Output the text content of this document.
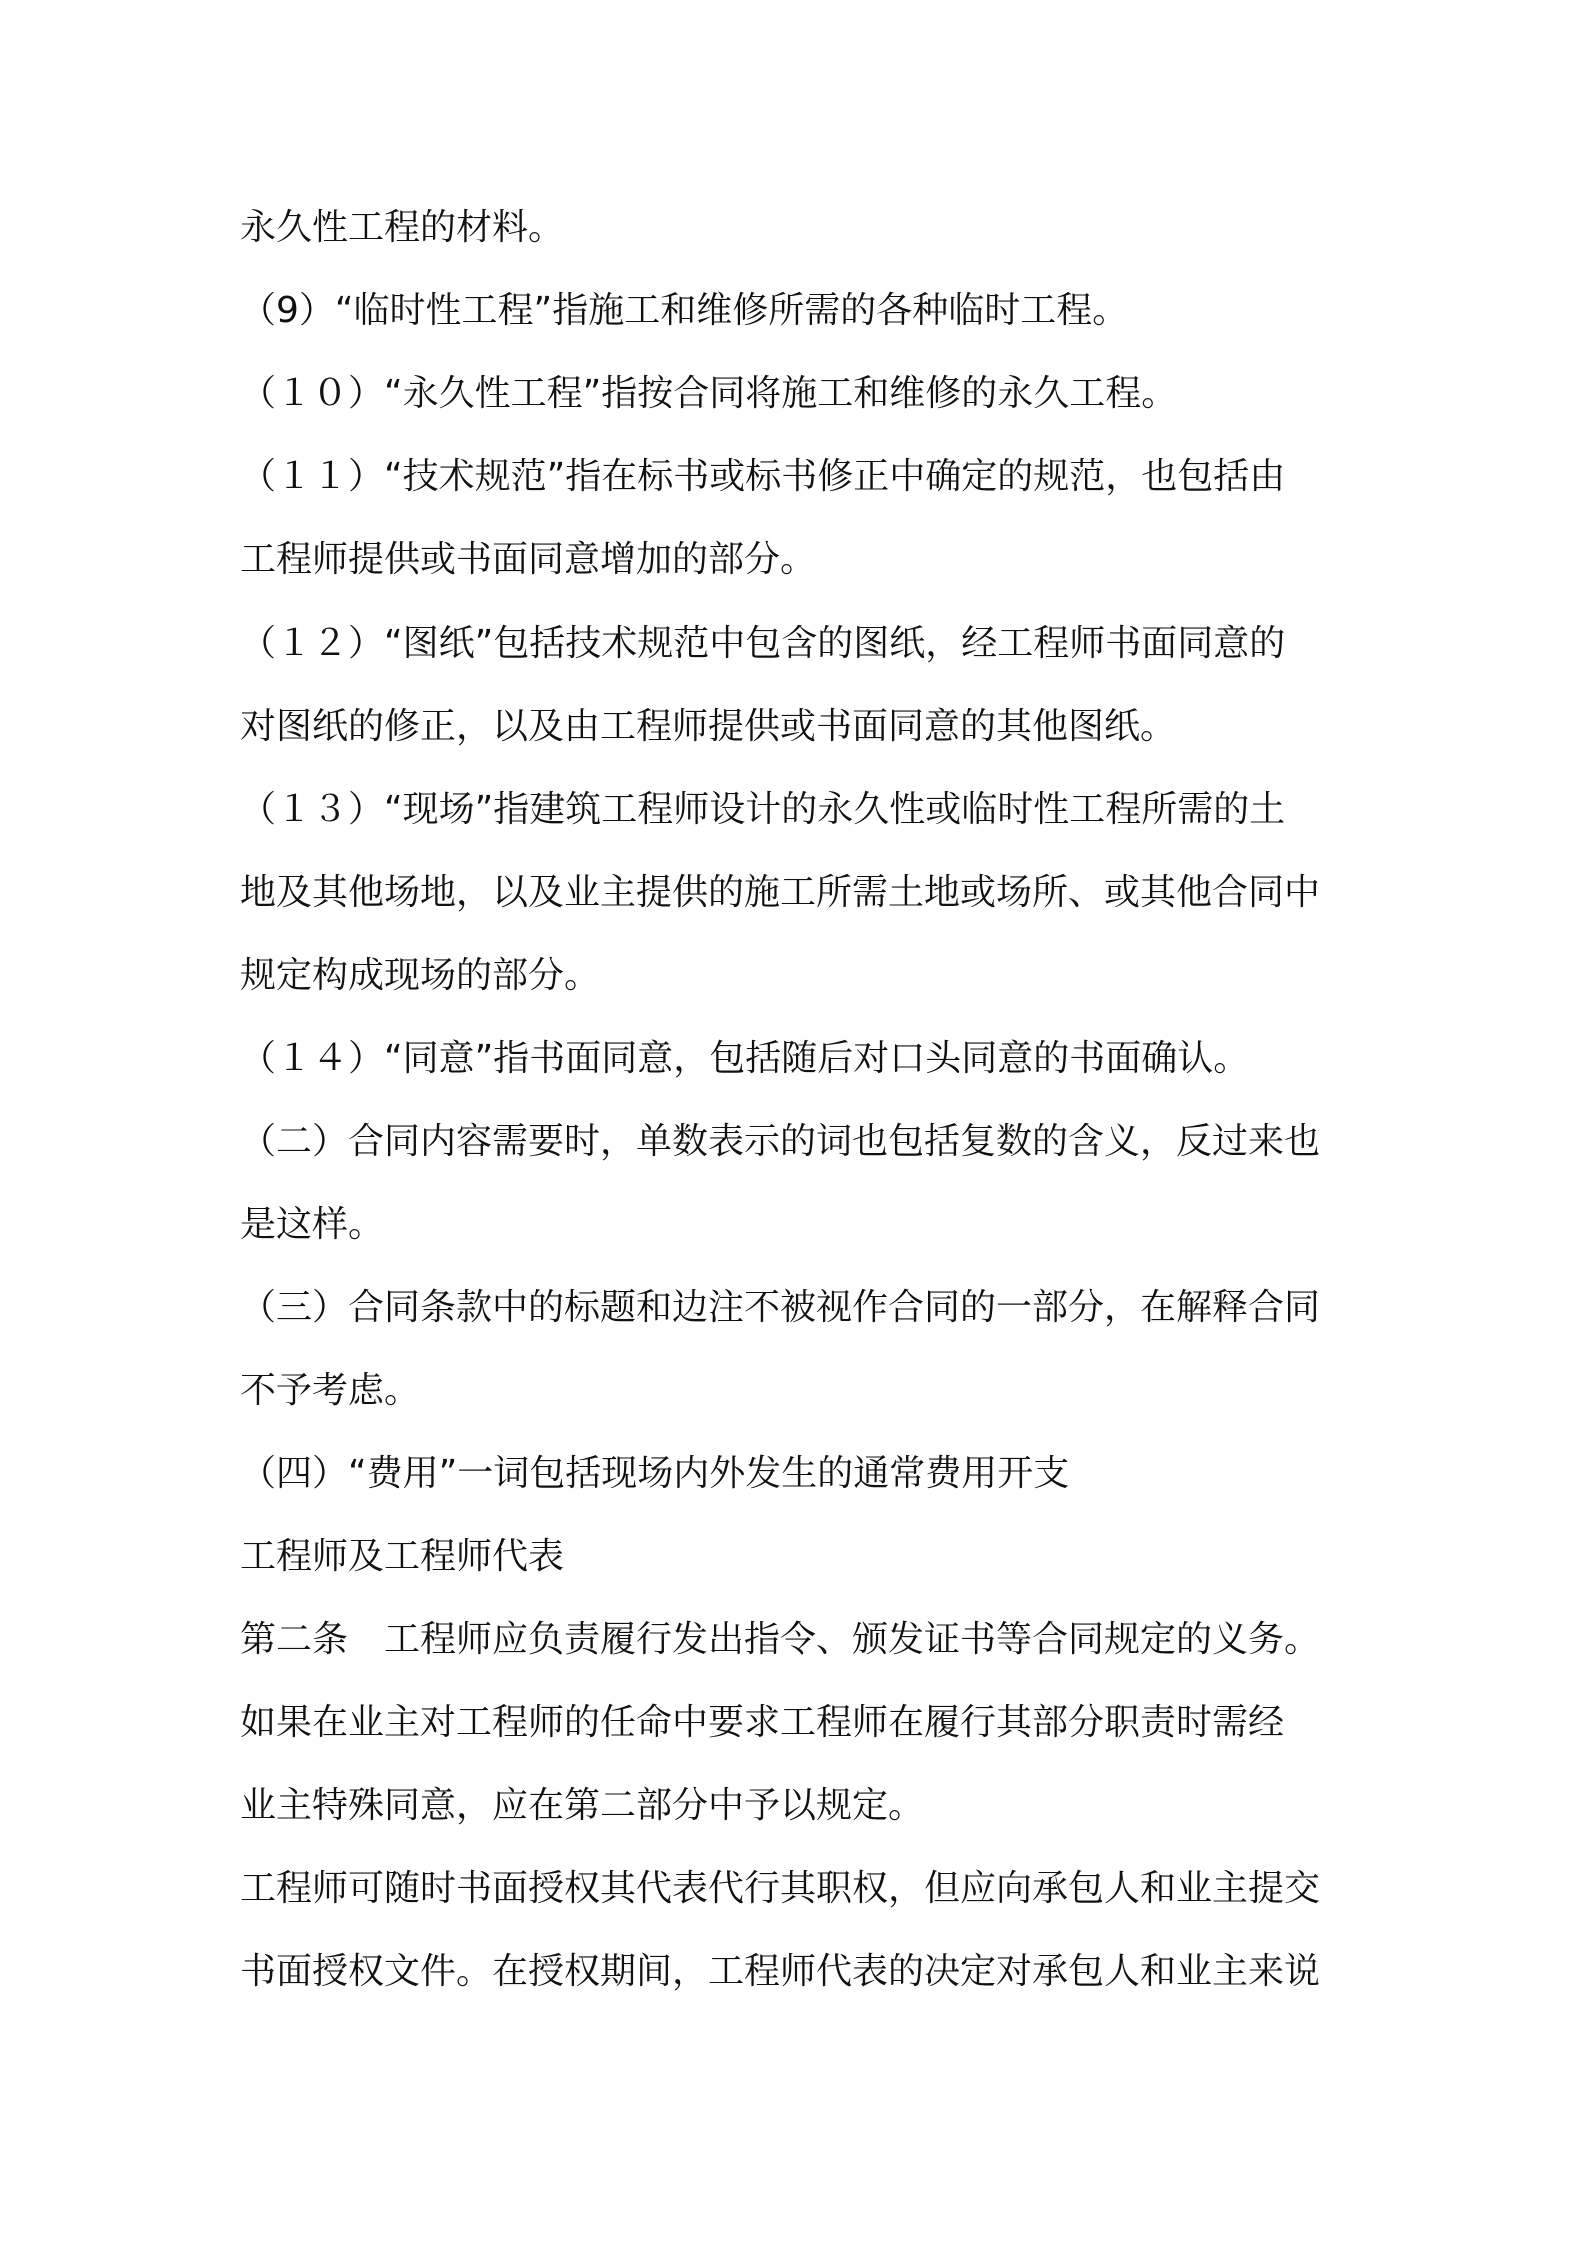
永久性工程的材料。
（9）“临时性工程”指施工和维修所需的各种临时工程。
（１０）“永久性工程”指按合同将施工和维修的永久工程。
（１１）“技术规范”指在标书或标书修正中确定的规范，也包括由
工程师提供或书面同意增加的部分。
（１２）“图纸”包括技术规范中包含的图纸，经工程师书面同意的
对图纸的修正，以及由工程师提供或书面同意的其他图纸。
（１３）“现场”指建筑工程师设计的永久性或临时性工程所需的土
地及其他场地，以及业主提供的施工所需土地或场所、或其他合同中
规定构成现场的部分。
（１４）“同意”指书面同意，包括随后对口头同意的书面确认。
（二）合同内容需要时，单数表示的词也包括复数的含义，反过来也
是这样。
（三）合同条款中的标题和边注不被视作合同的一部分，在解释合同
不予考虑。
（四）“费用”一词包括现场内外发生的通常费用开支
工程师及工程师代表
第二条　工程师应负责履行发出指令、颁发证书等合同规定的义务。
如果在业主对工程师的任命中要求工程师在履行其部分职责时需经
业主特殊同意，应在第二部分中予以规定。
工程师可随时书面授权其代表代行其职权，但应向承包人和业主提交
书面授权文件。在授权期间，工程师代表的决定对承包人和业主来说
